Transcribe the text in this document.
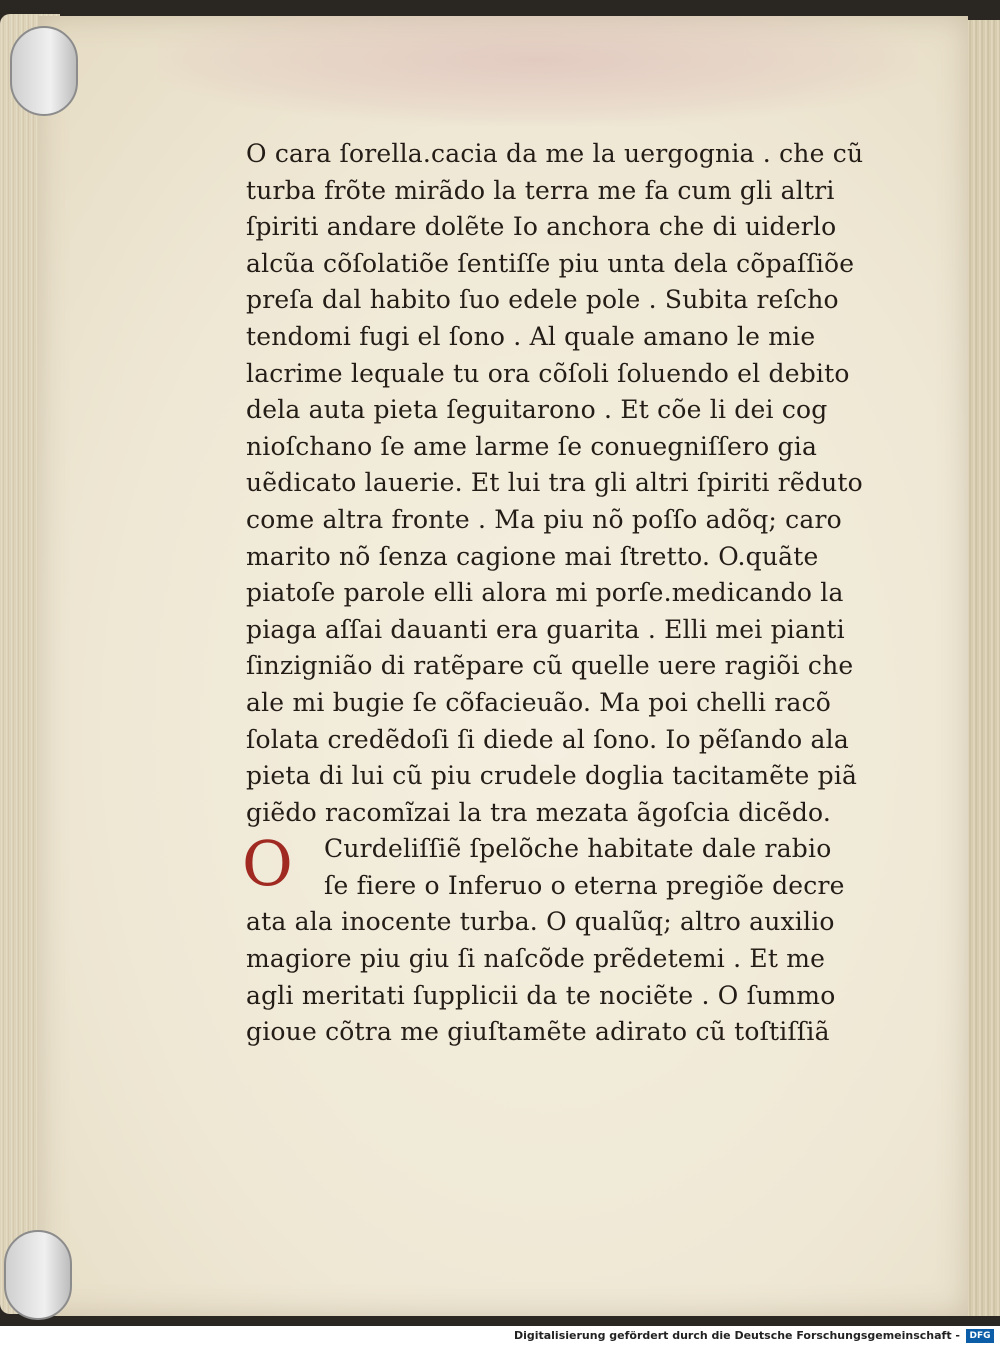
O cara ſorella.cacia da me la uergognia . che cũ
turba frõte mirãdo la terra me fa cum gli altri
ſpiriti andare dolẽte Io anchora che di uiderlo
alcũa cõſolatiõe ſentiſſe piu unta dela cõpaſſiõe
preſa dal habito ſuo edele pole . Subita reſcho
tendomi fugi el ſono . Al quale amano le mie
lacrime lequale tu ora cõſoli ſoluendo el debito
dela auta pieta ſeguitarono . Et cõe li dei cog
nioſchano ſe ame larme ſe conuegniſſero gia
uẽdicato lauerie. Et lui tra gli altri ſpiriti rẽduto
come altra fronte . Ma piu nõ poſſo adõq; caro
marito nõ ſenza cagione mai ſtretto. O.quãte
piatoſe parole elli alora mi porſe.medicando la
piaga aſſai dauanti era guarita . Elli mei pianti
ſinzignião di ratẽpare cũ quelle uere ragiõi che
ale mi bugie ſe cõfacieuão. Ma poi chelli racõ
ſolata credẽdoſi ſi diede al ſono. Io pẽſando ala
pieta di lui cũ piu crudele doglia tacitamẽte piã
giẽdo racomĩzai la tra mezata ãgoſcia dicẽdo.
O	Curdeliſſiẽ ſpelõche habitate dale rabio
ſe fiere o Inferuo o eterna pregiõe decre
ata ala inocente turba. O qualũq; altro auxilio
magiore piu giu ſi naſcõde prẽdetemi . Et me
agli meritati ſupplicii da te nociẽte . O ſummo
gioue cõtra me giuſtamẽte adirato cũ toſtiſſiã
Digitalisierung gefördert durch die Deutsche Forschungsgemeinschaft -	DFG
